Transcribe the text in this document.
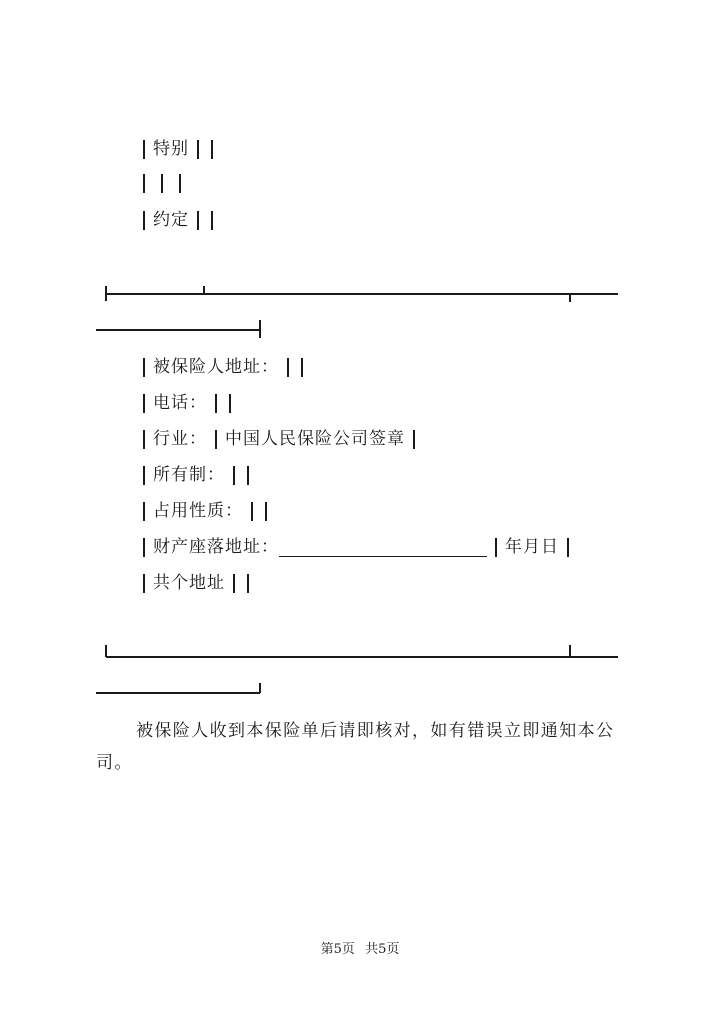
特别
约定
被保险人地址：
电话：
行业： 中国人民保险公司签章
所有制：
占用性质：
财产座落地址：	年月日
共个地址

被保险人收到本保险单后请即核对，如有错误立即通知本公司。

第5页 共5页
